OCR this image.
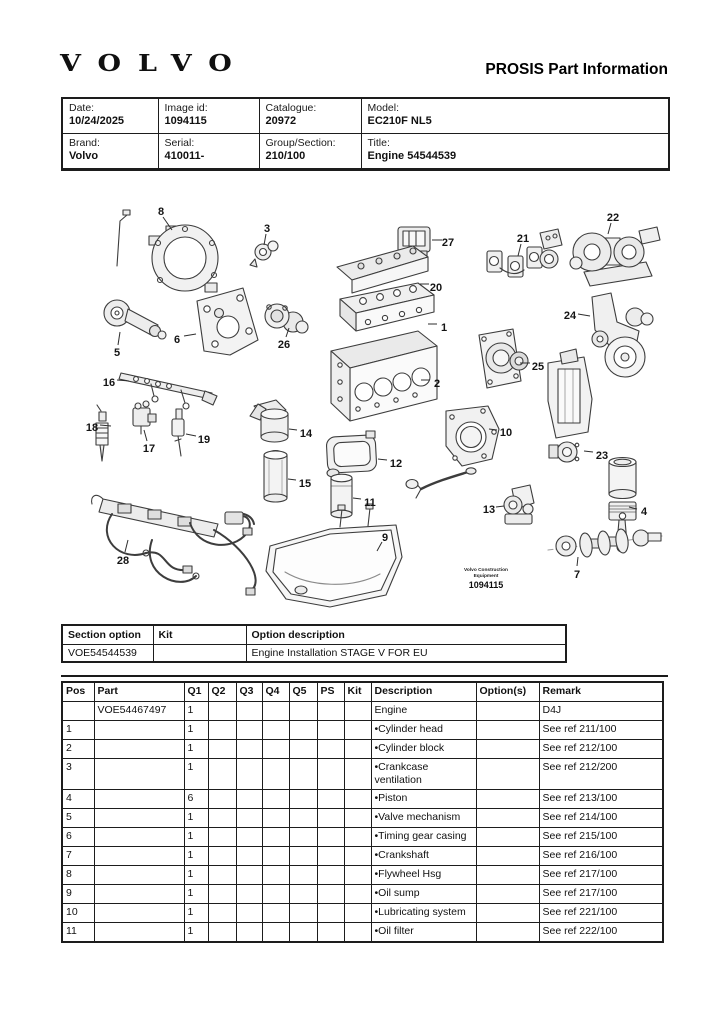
VOLVO	PROSIS Part Information
Date:
10/24/2025	Image id:
1094115	Catalogue:
20972	Model:
EC210F NL5

Brand:
Volvo	Serial:
410011-	Group/Section:
210/100	Title:
Engine 54544539
8
3
27
20
1
2
21
22
24
25
5
6	26
16
18
17
19
28
14
15
12
11
9
10
13
23
4
7
Volvo Construction
Equipment
1094115
Section option	Kit	Option description
VOE54544539		Engine Installation STAGE V FOR EU
Pos	Part	Q1	Q2	Q3	Q4	Q5	PS	Kit	Description	Option(s)	Remark
	VOE54467497	1							Engine		D4J
1		1							•Cylinder head		See ref 211/100
2		1							•Cylinder block		See ref 212/100
3		1							•Crankcase ventilation		See ref 212/200
4		6							•Piston		See ref 213/100
5		1							•Valve mechanism		See ref 214/100
6		1							•Timing gear casing		See ref 215/100
7		1							•Crankshaft		See ref 216/100
8		1							•Flywheel Hsg		See ref 217/100
9		1							•Oil sump		See ref 217/100
10		1							•Lubricating system		See ref 221/100
11		1							•Oil filter		See ref 222/100
